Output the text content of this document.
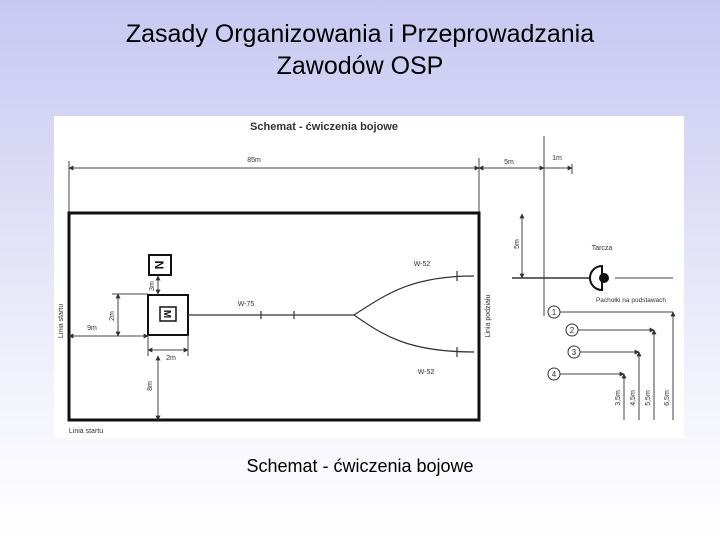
Zasady Organizowania i Przeprowadzania
Zawodów OSP
Schemat - ćwiczenia bojowe
85m	5m
1m
5m
Linia startu
Linia startu
Linia podziału
N
M
3m
2m
9m
2m
8m
W-52
W-75
W-52
Tarcza
Pachołki na podstawach
1
2
3
4
3,5m 4,5m 5,5m 6,5m
Schemat - ćwiczenia bojowe
